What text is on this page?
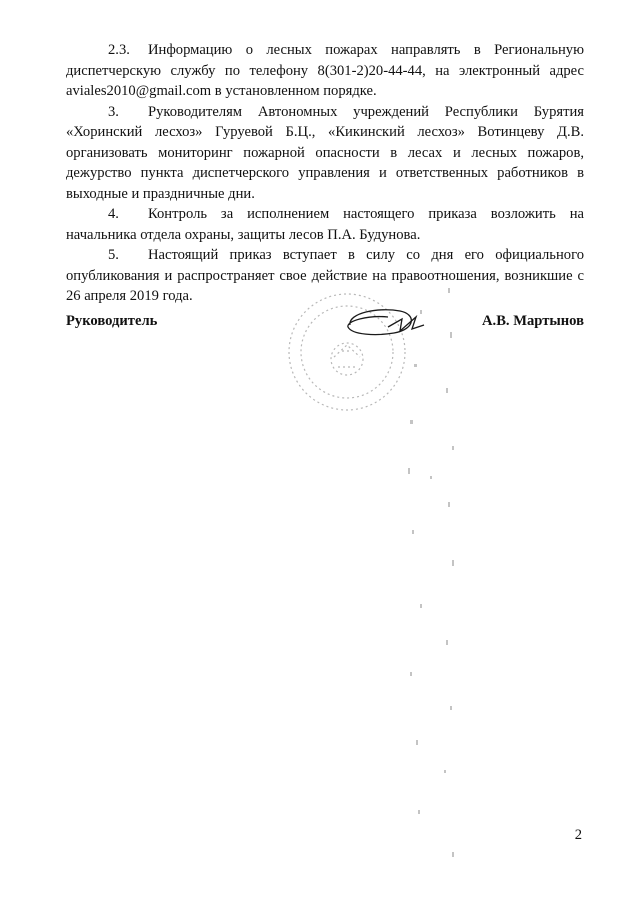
2.3. Информацию о лесных пожарах направлять в Региональную диспетчерскую службу по телефону 8(301-2)20-44-44, на электронный адрес aviales2010@gmail.com в установленном порядке.

3. Руководителям Автономных учреждений Республики Бурятия «Хоринский лесхоз» Гуруевой Б.Ц., «Кикинский лесхоз» Вотинцеву Д.В. организовать мониторинг пожарной опасности в лесах и лесных пожаров, дежурство пункта диспетчерского управления и ответственных работников в выходные и праздничные дни.

4. Контроль за исполнением настоящего приказа возложить на начальника отдела охраны, защиты лесов П.А. Будунова.

5. Настоящий приказ вступает в силу со дня его официального опубликования и распространяет свое действие на правоотношения, возникшие с 26 апреля 2019 года.

Руководитель	А.В. Мартынов
2
